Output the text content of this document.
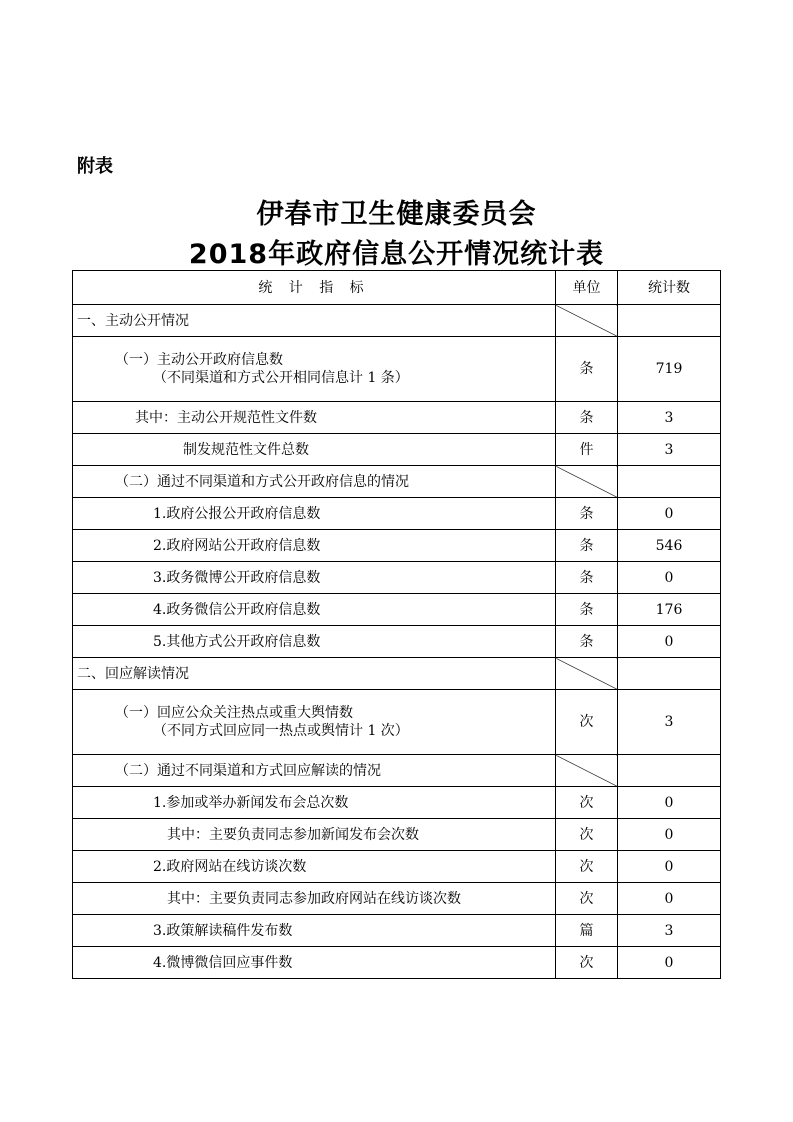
附表
伊春市卫生健康委员会
2018年政府信息公开情况统计表
统 计 指 标	单位	统计数
一、主动公开情况		
（一）主动公开政府信息数
（不同渠道和方式公开相同信息计 1 条）	条	719
其中：主动公开规范性文件数	条	3
制发规范性文件总数	件	3
（二）通过不同渠道和方式公开政府信息的情况		
1.政府公报公开政府信息数	条	0
2.政府网站公开政府信息数	条	546
3.政务微博公开政府信息数	条	0
4.政务微信公开政府信息数	条	176
5.其他方式公开政府信息数	条	0
二、回应解读情况		
（一）回应公众关注热点或重大舆情数
（不同方式回应同一热点或舆情计 1 次）	次	3
（二）通过不同渠道和方式回应解读的情况		
1.参加或举办新闻发布会总次数	次	0
其中：主要负责同志参加新闻发布会次数	次	0
2.政府网站在线访谈次数	次	0
其中：主要负责同志参加政府网站在线访谈次数	次	0
3.政策解读稿件发布数	篇	3
4.微博微信回应事件数	次	0
